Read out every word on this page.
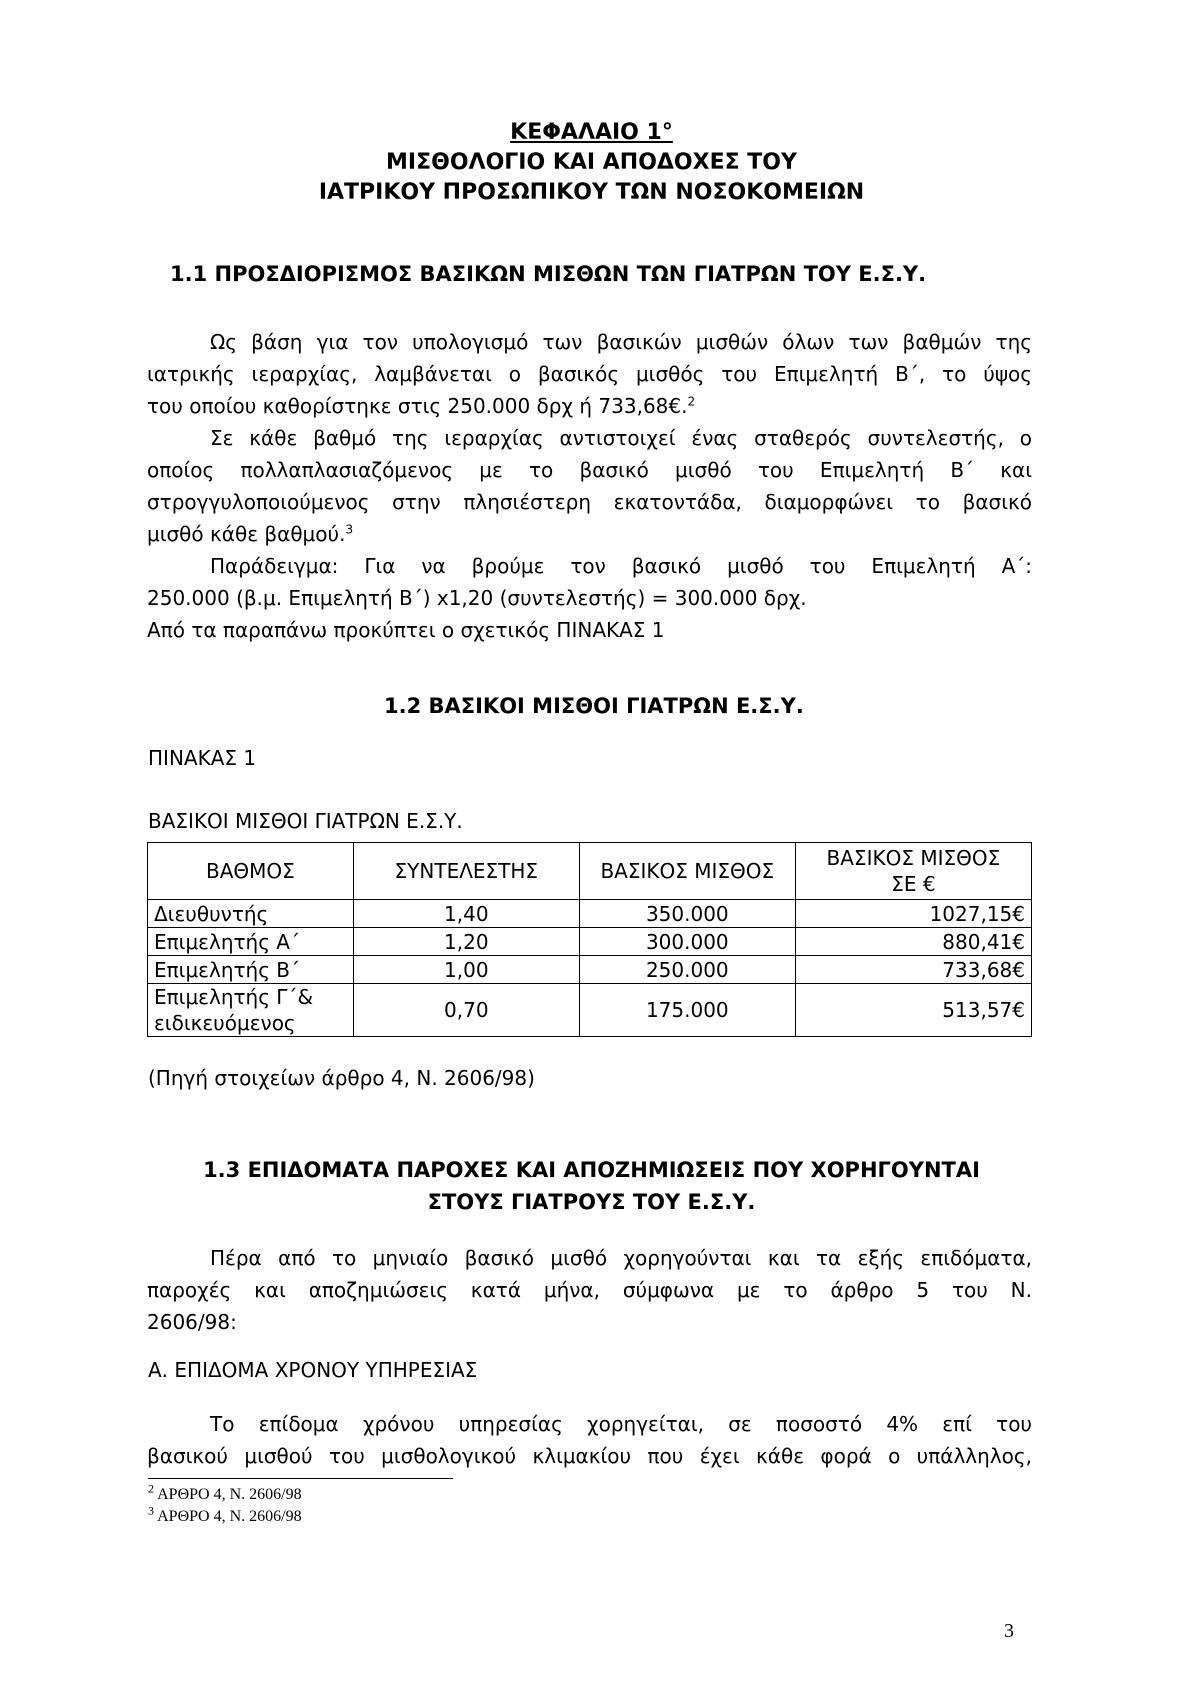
ΚΕΦΑΛΑΙΟ 1°
ΜΙΣΘΟΛΟΓΙΟ ΚΑΙ ΑΠΟΔΟΧΕΣ ΤΟΥ
ΙΑΤΡΙΚΟΥ ΠΡΟΣΩΠΙΚΟΥ ΤΩΝ ΝΟΣΟΚΟΜΕΙΩΝ
1.1 ΠΡΟΣΔΙΟΡΙΣΜΟΣ ΒΑΣΙΚΩΝ ΜΙΣΘΩΝ ΤΩΝ ΓΙΑΤΡΩΝ ΤΟΥ Ε.Σ.Υ.
Ως βάση για τον υπολογισμό των βασικών μισθών όλων των βαθμών της
ιατρικής ιεραρχίας, λαμβάνεται ο βασικός μισθός του Επιμελητή Β΄, το ύψος
του οποίου καθορίστηκε στις 250.000 δρχ ή 733,68€.$^2$
Σε κάθε βαθμό της ιεραρχίας αντιστοιχεί ένας σταθερός συντελεστής, ο
οποίος πολλαπλασιαζόμενος με το βασικό μισθό του Επιμελητή Β΄ και
στρογγυλοποιούμενος στην πλησιέστερη εκατοντάδα, διαμορφώνει το βασικό
μισθό κάθε βαθμού.$^3$
Παράδειγμα: Για να βρούμε τον βασικό μισθό του Επιμελητή Α΄:
250.000 (β.μ. Επιμελητή Β΄) x1,20 (συντελεστής) = 300.000 δρχ.
Από τα παραπάνω προκύπτει ο σχετικός ΠΙΝΑΚΑΣ 1
1.2 ΒΑΣΙΚΟΙ ΜΙΣΘΟΙ ΓΙΑΤΡΩΝ Ε.Σ.Υ.
ΠΙΝΑΚΑΣ 1
ΒΑΣΙΚΟΙ ΜΙΣΘΟΙ ΓΙΑΤΡΩΝ Ε.Σ.Υ.
ΒΑΘΜΟΣ	ΣΥΝΤΕΛΕΣΤΗΣ	ΒΑΣΙΚΟΣ ΜΙΣΘΟΣ	ΒΑΣΙΚΟΣ ΜΙΣΘΟΣ
ΣΕ €

Διευθυντής	1,40	350.000	1027,15€
Επιμελητής Α΄	1,20	300.000	880,41€
Επιμελητής Β΄	1,00	250.000	733,68€

Επιμελητής Γ΄&
ειδικευόμενος	0,70	175.000	513,57€
(Πηγή στοιχείων άρθρο 4, Ν. 2606/98)
1.3 ΕΠΙΔΟΜΑΤΑ ΠΑΡΟΧΕΣ ΚΑΙ ΑΠΟΖΗΜΙΩΣΕΙΣ ΠΟΥ ΧΟΡΗΓΟΥΝΤΑΙ
ΣΤΟΥΣ ΓΙΑΤΡΟΥΣ ΤΟΥ Ε.Σ.Υ.
Πέρα από το μηνιαίο βασικό μισθό χορηγούνται και τα εξής επιδόματα,
παροχές και αποζημιώσεις κατά μήνα, σύμφωνα με το άρθρο 5 του Ν.
2606/98:
Α. ΕΠΙΔΟΜΑ ΧΡΟΝΟΥ ΥΠΗΡΕΣΙΑΣ
Το επίδομα χρόνου υπηρεσίας χορηγείται, σε ποσοστό 4% επί του
βασικού μισθού του μισθολογικού κλιμακίου που έχει κάθε φορά ο υπάλληλος,
$^2$ ΑΡΘΡΟ 4, Ν. 2606/98
$^3$ ΑΡΘΡΟ 4, Ν. 2606/98
3
